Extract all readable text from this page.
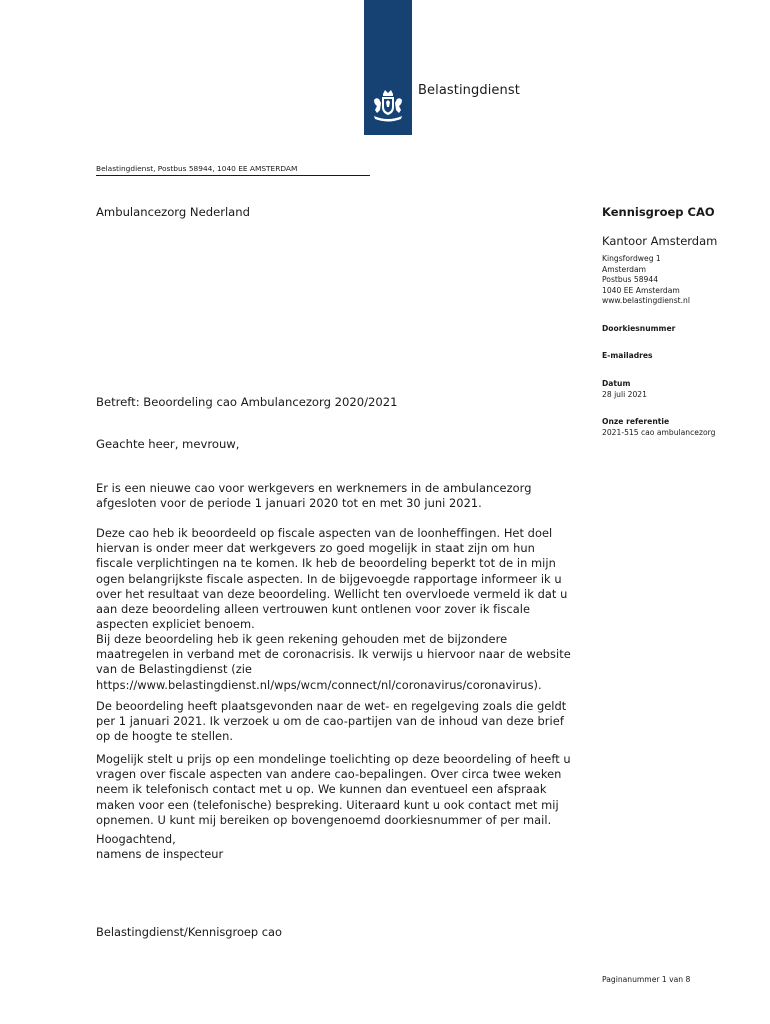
Belastingdienst
Belastingdienst, Postbus 58944, 1040 EE AMSTERDAM
Ambulancezorg Nederland	Kennisgroep CAO
Kantoor Amsterdam
Kingsfordweg 1
Amsterdam
Postbus 58944
1040 EE Amsterdam
www.belastingdienst.nl
Doorkiesnummer
E-mailadres
Datum
28 juli 2021
Onze referentie
2021-515 cao ambulancezorg
Betreft: Beoordeling cao Ambulancezorg 2020/2021
Geachte heer, mevrouw,
Er is een nieuwe cao voor werkgevers en werknemers in de ambulancezorg
afgesloten voor de periode 1 januari 2020 tot en met 30 juni 2021.
Deze cao heb ik beoordeeld op fiscale aspecten van de loonheffingen. Het doel
hiervan is onder meer dat werkgevers zo goed mogelijk in staat zijn om hun
fiscale verplichtingen na te komen. Ik heb de beoordeling beperkt tot de in mijn
ogen belangrijkste fiscale aspecten. In de bijgevoegde rapportage informeer ik u
over het resultaat van deze beoordeling. Wellicht ten overvloede vermeld ik dat u
aan deze beoordeling alleen vertrouwen kunt ontlenen voor zover ik fiscale
aspecten expliciet benoem.
Bij deze beoordeling heb ik geen rekening gehouden met de bijzondere
maatregelen in verband met de coronacrisis. Ik verwijs u hiervoor naar de website
van de Belastingdienst (zie
https://www.belastingdienst.nl/wps/wcm/connect/nl/coronavirus/coronavirus).
De beoordeling heeft plaatsgevonden naar de wet- en regelgeving zoals die geldt
per 1 januari 2021. Ik verzoek u om de cao-partijen van de inhoud van deze brief
op de hoogte te stellen.
Mogelijk stelt u prijs op een mondelinge toelichting op deze beoordeling of heeft u
vragen over fiscale aspecten van andere cao-bepalingen. Over circa twee weken
neem ik telefonisch contact met u op. We kunnen dan eventueel een afspraak
maken voor een (telefonische) bespreking. Uiteraard kunt u ook contact met mij
opnemen. U kunt mij bereiken op bovengenoemd doorkiesnummer of per mail.
Hoogachtend,
namens de inspecteur
Belastingdienst/Kennisgroep cao
Paginanummer 1 van 8
